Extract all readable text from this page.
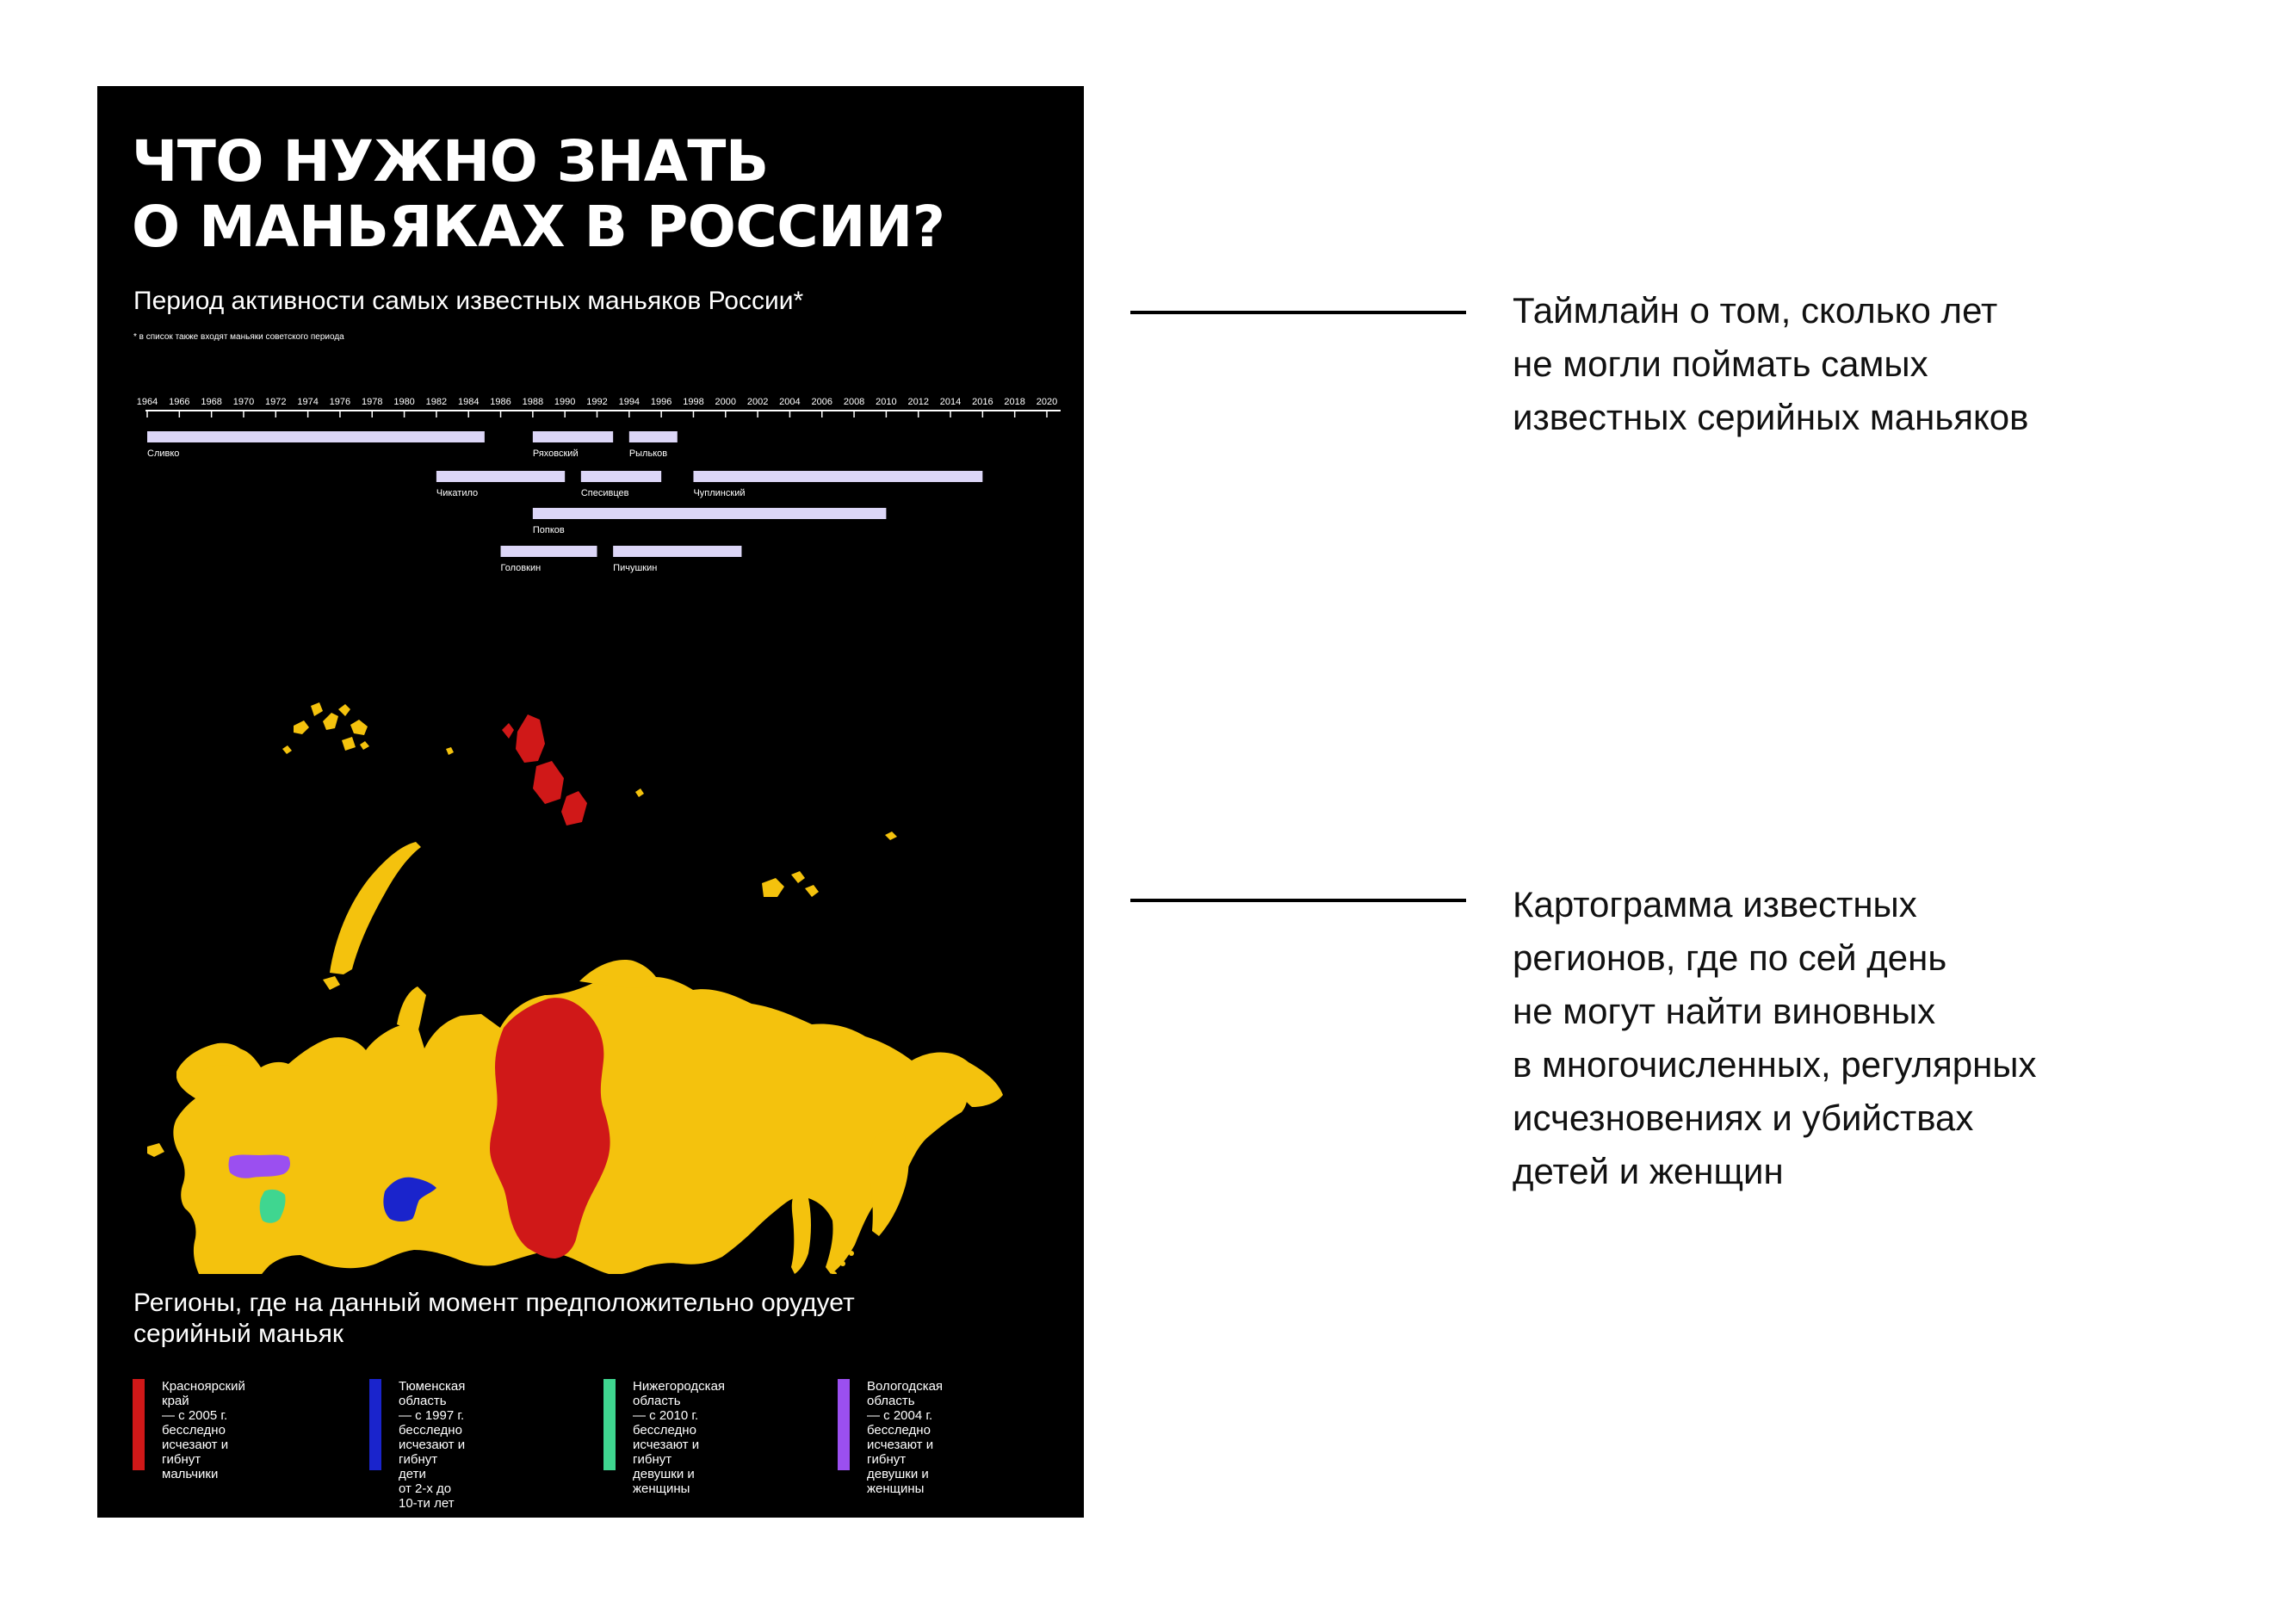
ЧТО НУЖНО ЗНАТЬ
О МАНЬЯКАХ В РОССИИ?
Период активности самых известных маньяков России*
* в список также входят маньяки советского периода
1964 1966 1968 1970 1972 1974 1976 1978 1980 1982 1984 1986 1988 1990 1992 1994 1996 1998 2000 2002 2004 2006 2008 2010 2012 2014 2016 2018 2020
Сливко	Ряховский	Рыльков
Чикатило	Спесивцев	Чуплинский
Попков
Головкин	Пичушкин
Регионы, где на данный момент предположительно орудует серийный маньяк
Красноярский край
— с 2005 г. бесследно
исчезают и гибнут
мальчики
Тюменская область
— с 1997 г. бесследно
исчезают и гибнут дети
от 2-х до 10-ти лет
Нижегородская область
— с 2010 г. бесследно
исчезают и гибнут
девушки и женщины
Вологодская область
— с 2004 г. бесследно
исчезают и гибнут
девушки и женщины
Таймлайн о том, сколько лет
не могли поймать самых
известных серийных маньяков
Картограмма известных
регионов, где по сей день
не могут найти виновных
в многочисленных, регулярных
исчезновениях и убийствах
детей и женщин
